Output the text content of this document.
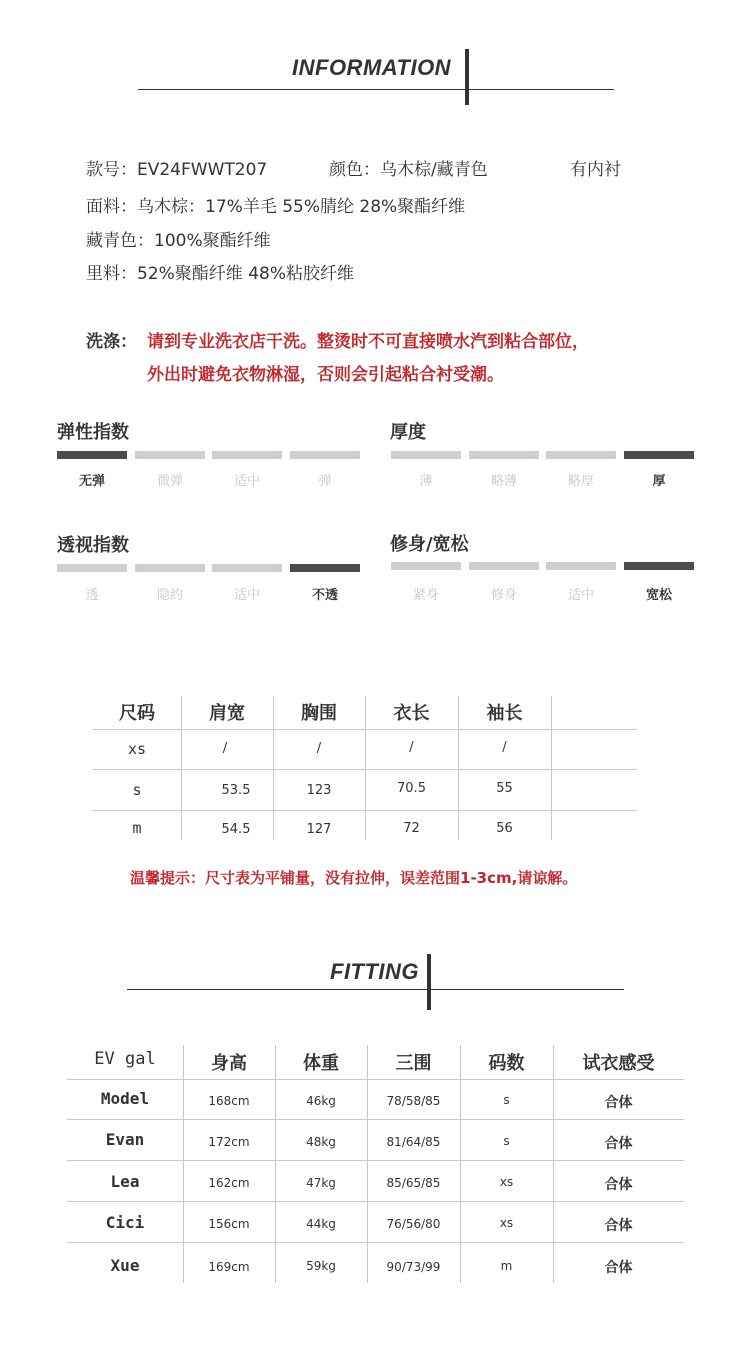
INFORMATION
款号：EV24FWWT207	颜色：乌木棕/藏青色	有内衬
面料：乌木棕：17%羊毛 55%腈纶 28%聚酯纤维
藏青色：100%聚酯纤维
里料：52%聚酯纤维 48%粘胶纤维
洗涤： 请到专业洗衣店干洗。整烫时不可直接喷水汽到粘合部位，
外出时避免衣物淋湿，否则会引起粘合衬受潮。
弹性指数
无弹	微弹	适中	弹
厚度
薄	略薄	略厚	厚
透视指数
透	隐约	适中	不透
修身/宽松
紧身	修身	适中	宽松
尺码	肩宽	胸围	衣长	袖长
xs	/	/	/	/
s	53.5	123	70.5	55
m	54.5	127	72	56
温馨提示：尺寸表为平铺量，没有拉伸，误差范围1-3cm,请谅解。
FITTING
EV gal	身高	体重	三围	码数	试衣感受
Model	168cm	46kg	78/58/85	s	合体
Evan	172cm	48kg	81/64/85	s	合体
Lea	162cm	47kg	85/65/85	xs	合体
Cici	156cm	44kg	76/56/80	xs	合体
Xue	169cm	59kg	90/73/99	m	合体
